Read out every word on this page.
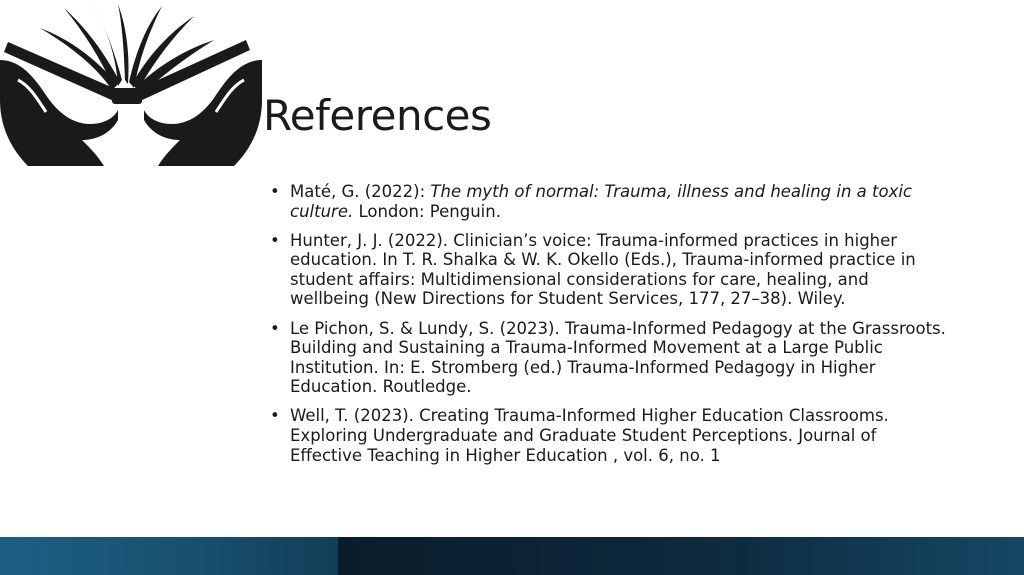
References
• Maté, G. (2022): The myth of normal: Trauma, illness and healing in a toxic culture. London: Penguin.
• Hunter, J. J. (2022). Clinician’s voice: Trauma-informed practices in higher education. In T. R. Shalka & W. K. Okello (Eds.), Trauma-informed practice in student affairs: Multidimensional considerations for care, healing, and wellbeing (New Directions for Student Services, 177, 27–38). Wiley.
• Le Pichon, S. & Lundy, S. (2023). Trauma-Informed Pedagogy at the Grassroots. Building and Sustaining a Trauma-Informed Movement at a Large Public Institution. In: E. Stromberg (ed.) Trauma-Informed Pedagogy in Higher Education. Routledge.
• Well, T. (2023). Creating Trauma-Informed Higher Education Classrooms. Exploring Undergraduate and Graduate Student Perceptions. Journal of Effective Teaching in Higher Education , vol. 6, no. 1
